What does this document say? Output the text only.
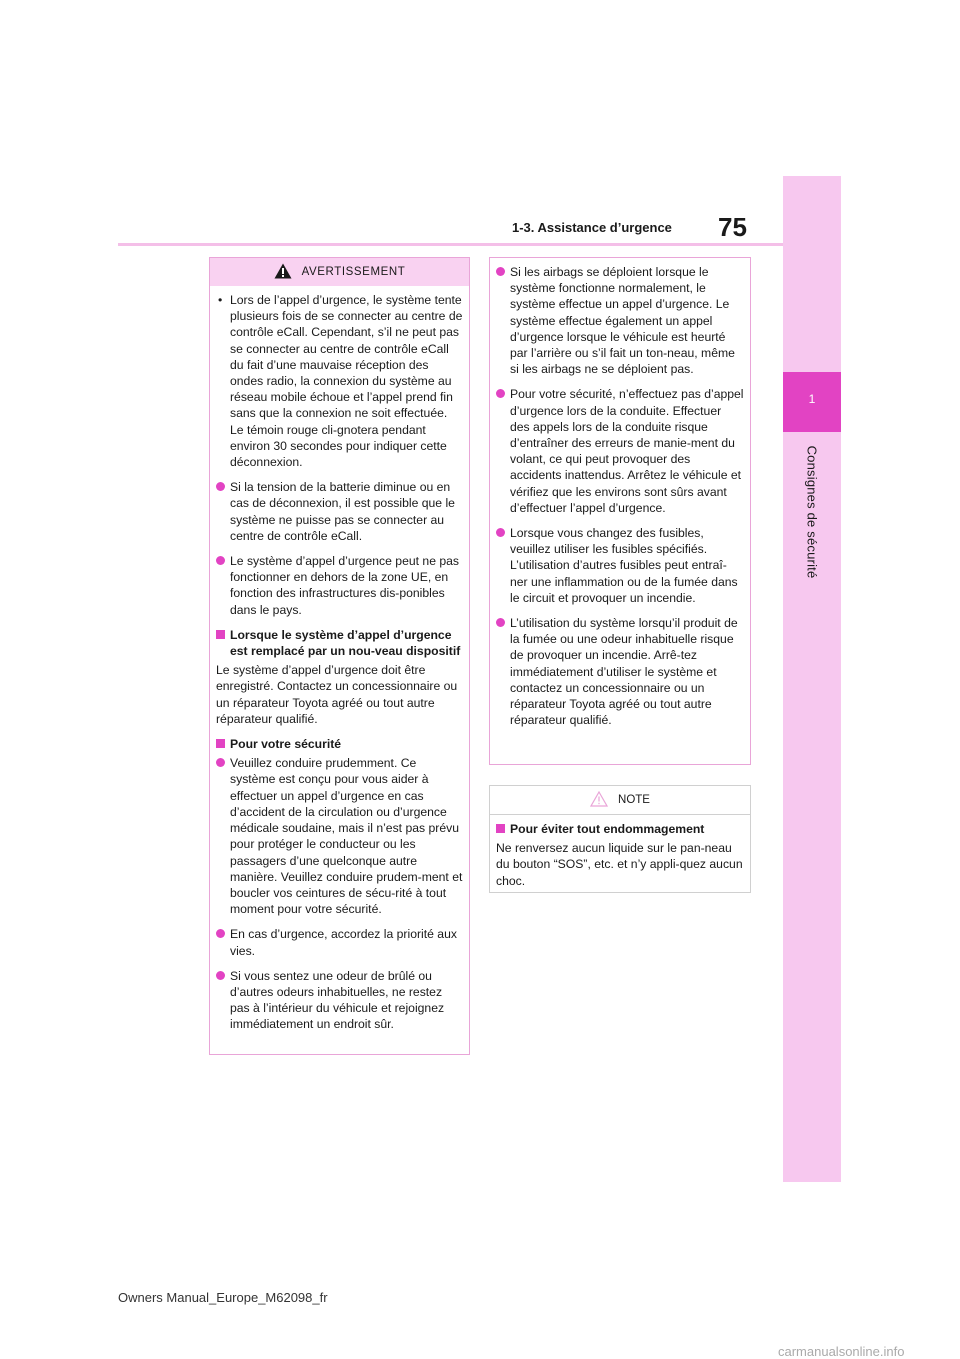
75
1-3. Assistance d’urgence
1
Consignes de sécurité
AVERTISSEMENT
• Lors de l’appel d’urgence, le système tente plusieurs fois de se connecter au centre de contrôle eCall. Cependant, s’il ne peut pas se connecter au centre de contrôle eCall du fait d’une mauvaise réception des ondes radio, la connexion du système au réseau mobile échoue et l’appel prend fin sans que la connexion ne soit effectuée. Le témoin rouge cli-gnotera pendant environ 30 secondes pour indiquer cette déconnexion.
Si la tension de la batterie diminue ou en cas de déconnexion, il est possible que le système ne puisse pas se connecter au centre de contrôle eCall.
Le système d’appel d’urgence peut ne pas fonctionner en dehors de la zone UE, en fonction des infrastructures dis-ponibles dans le pays.
Lorsque le système d’appel d’urgence est remplacé par un nou-veau dispositif

Le système d’appel d’urgence doit être enregistré. Contactez un concessionnaire ou un réparateur Toyota agréé ou tout autre réparateur qualifié.

Pour votre sécurité
Veuillez conduire prudemment. Ce système est conçu pour vous aider à effectuer un appel d’urgence en cas d’accident de la circulation ou d’urgence médicale soudaine, mais il n’est pas prévu pour protéger le conducteur ou les passagers d’une quelconque autre manière. Veuillez conduire prudem-ment et boucler vos ceintures de sécu-rité à tout moment pour votre sécurité.
En cas d’urgence, accordez la priorité aux vies.
Si vous sentez une odeur de brûlé ou d’autres odeurs inhabituelles, ne restez pas à l’intérieur du véhicule et rejoignez immédiatement un endroit sûr.
Si les airbags se déploient lorsque le système fonctionne normalement, le système effectue un appel d’urgence. Le système effectue également un appel d’urgence lorsque le véhicule est heurté par l’arrière ou s’il fait un ton-neau, même si les airbags ne se déploient pas.
Pour votre sécurité, n’effectuez pas d’appel d’urgence lors de la conduite. Effectuer des appels lors de la conduite risque d’entraîner des erreurs de manie-ment du volant, ce qui peut provoquer des accidents inattendus. Arrêtez le véhicule et vérifiez que les environs sont sûrs avant d’effectuer l’appel d’urgence.
Lorsque vous changez des fusibles, veuillez utiliser les fusibles spécifiés. L’utilisation d’autres fusibles peut entraî-ner une inflammation ou de la fumée dans le circuit et provoquer un incendie.
L’utilisation du système lorsqu’il produit de la fumée ou une odeur inhabituelle risque de provoquer un incendie. Arrê-tez immédiatement d’utiliser le système et contactez un concessionnaire ou un réparateur Toyota agréé ou tout autre réparateur qualifié.
NOTE
Pour éviter tout endommagement

Ne renversez aucun liquide sur le pan-neau du bouton “SOS”, etc. et n’y appli-quez aucun choc.

Owners Manual_Europe_M62098_fr
carmanualsonline.info
